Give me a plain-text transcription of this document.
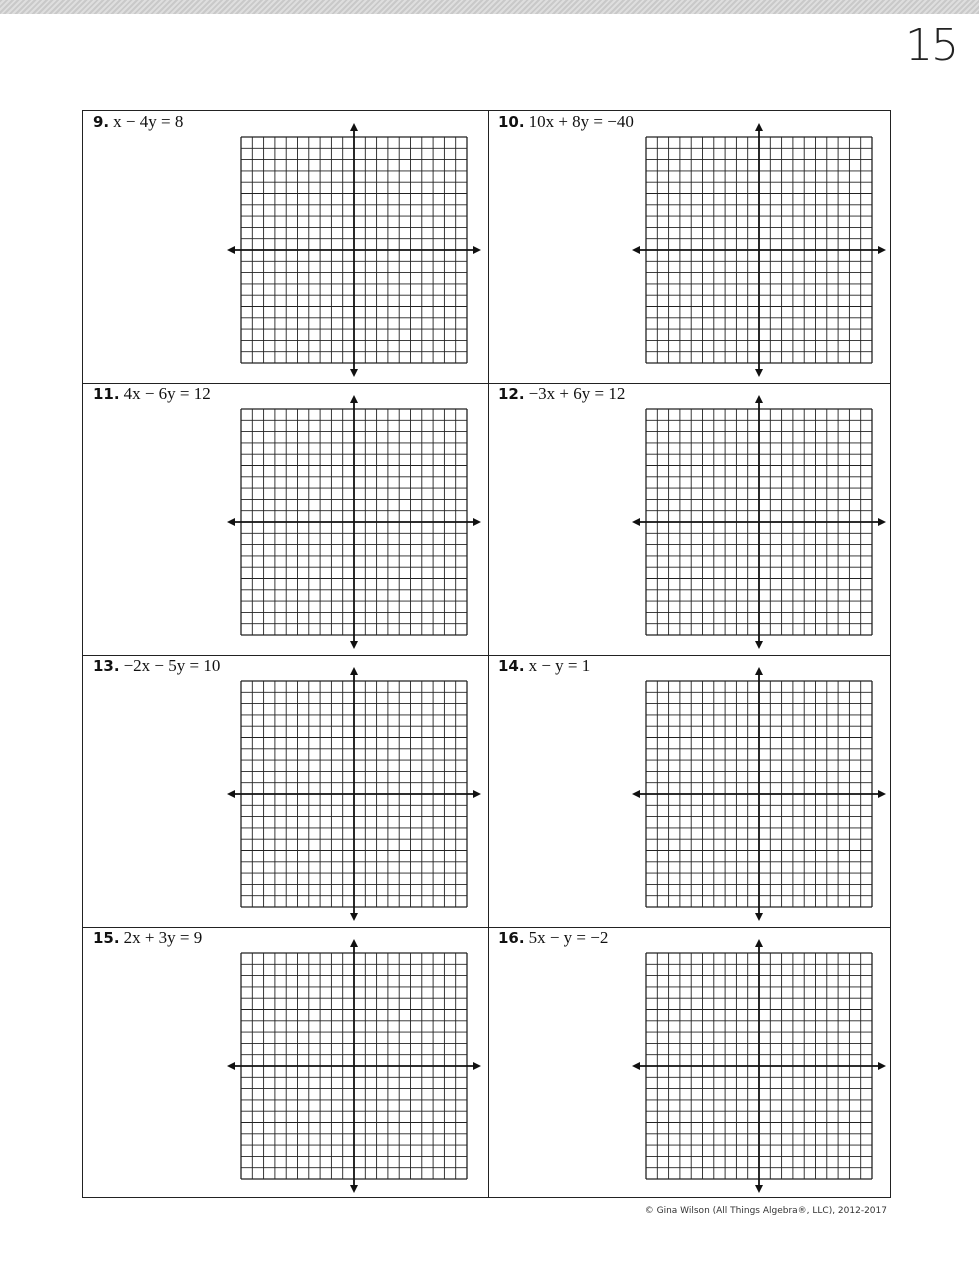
15
9. x − 4y = 8	10. 10x + 8y = −40
11. 4x − 6y = 12	12. −3x + 6y = 12
13. −2x − 5y = 10	14. x − y = 1
15. 2x + 3y = 9	16. 5x − y = −2
© Gina Wilson (All Things Algebra®, LLC), 2012-2017
